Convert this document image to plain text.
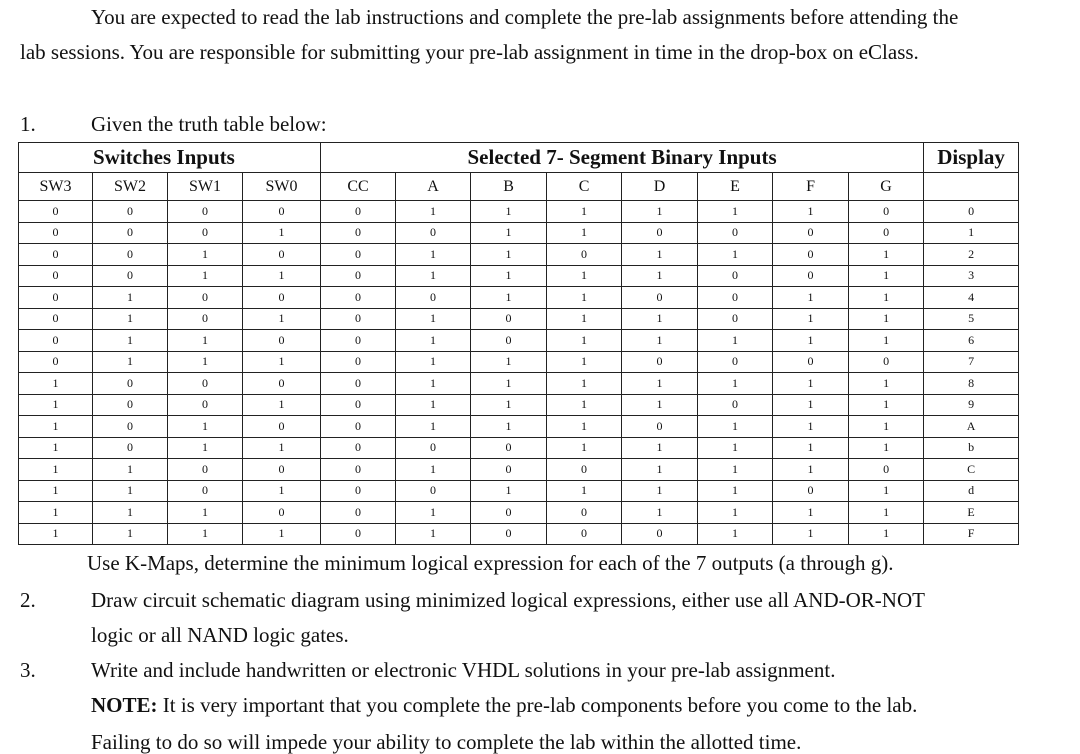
You are expected to read the lab instructions and complete the pre-lab assignments before attending the
lab sessions. You are responsible for submitting your pre-lab assignment in time in the drop-box on eClass.
1.	Given the truth table below:
Switches Inputs				Selected 7- Segment Binary Inputs								Display
SW3	SW2	SW1	SW0	CC	A	B	C	D	E	F	G	
0	0	0	0	0	1	1	1	1	1	1	0	0
0	0	0	1	0	0	1	1	0	0	0	0	1
0	0	1	0	0	1	1	0	1	1	0	1	2
0	0	1	1	0	1	1	1	1	0	0	1	3
0	1	0	0	0	0	1	1	0	0	1	1	4
0	1	0	1	0	1	0	1	1	0	1	1	5
0	1	1	0	0	1	0	1	1	1	1	1	6
0	1	1	1	0	1	1	1	0	0	0	0	7
1	0	0	0	0	1	1	1	1	1	1	1	8
1	0	0	1	0	1	1	1	1	0	1	1	9
1	0	1	0	0	1	1	1	0	1	1	1	A
1	0	1	1	0	0	0	1	1	1	1	1	b
1	1	0	0	0	1	0	0	1	1	1	0	C
1	1	0	1	0	0	1	1	1	1	0	1	d
1	1	1	0	0	1	0	0	1	1	1	1	E
1	1	1	1	0	1	0	0	0	1	1	1	F
Use K-Maps, determine the minimum logical expression for each of the 7 outputs (a through g).
2.	Draw circuit schematic diagram using minimized logical expressions, either use all AND-OR-NOT
logic or all NAND logic gates.
3.	Write and include handwritten or electronic VHDL solutions in your pre-lab assignment.
NOTE: It is very important that you complete the pre-lab components before you come to the lab.
Failing to do so will impede your ability to complete the lab within the allotted time.
